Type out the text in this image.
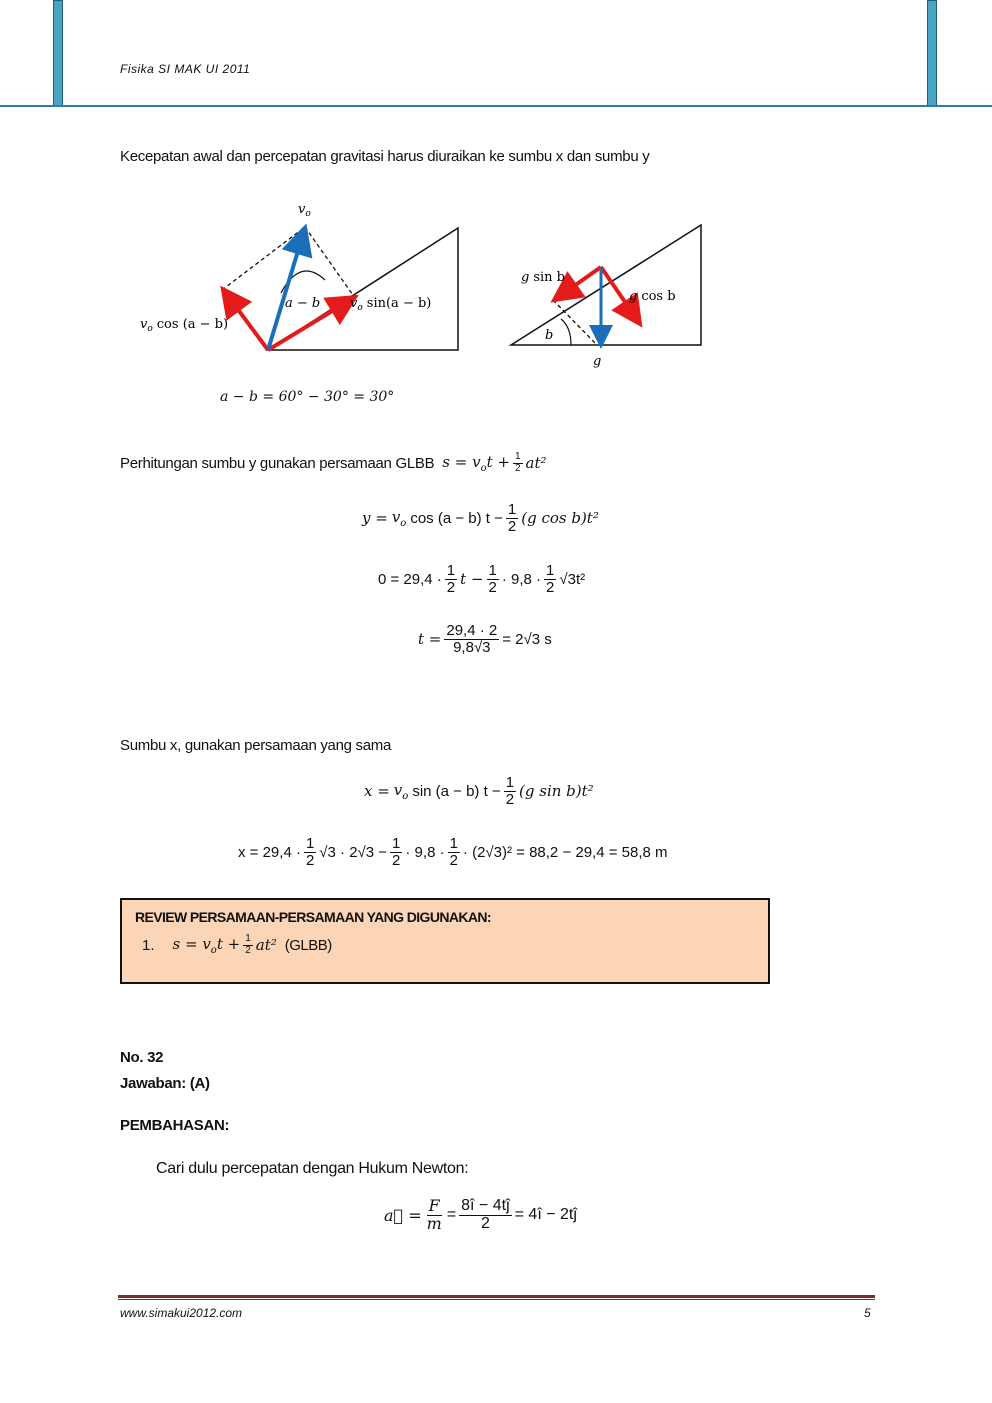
Fisika SI MAK UI 2011
Kecepatan awal dan percepatan gravitasi harus diuraikan ke sumbu x dan sumbu y
$v_o$
a − b $v_o$ sin(a − b)
$v_o$ cos (a − b)
g sin b
g cos b
g
b
a − b = 60° − 30° = 30°
Perhitungan sumbu y gunakan persamaan GLBB $s = v_ot + \frac{1}{2} at^2$
$y = v_o$ cos (a − b) $t - \frac{1}{2} (g$ cos b)t²
$0 = 29,4 \cdot \frac{1}{2}$ $t - \frac{1}{2} \cdot 9,8 \cdot \frac{1}{2} √3t^2$
$t = \frac{29,4 \cdot 2}{9,8√3} = 2√3$ s
Sumbu x, gunakan persamaan yang sama
$x = v_o$ sin (a − b) $t - \frac{1}{2} (g$ sin b)t²
$x = 29,4 \cdot \frac{1}{2} √3 \cdot 2√3 - \frac{1}{2} \cdot 9,8 \cdot \frac{1}{2} \cdot (2√3)^2 = 88,2 - 29,4 = 58,8$ m
REVIEW PERSAMAAN-PERSAMAAN YANG DIGUNAKAN:
1. $s = v_ot + \frac{1}{2} at^2$ (GLBB)
No. 32
Jawaban: (A)
PEMBAHASAN:
Cari dulu percepatan dengan Hukum Newton:
a⃗ = $\frac{F}{m} = \frac{8î - 4tĵ}{2}$ = 4î − 2tĵ
www.simakui2012.com	5
